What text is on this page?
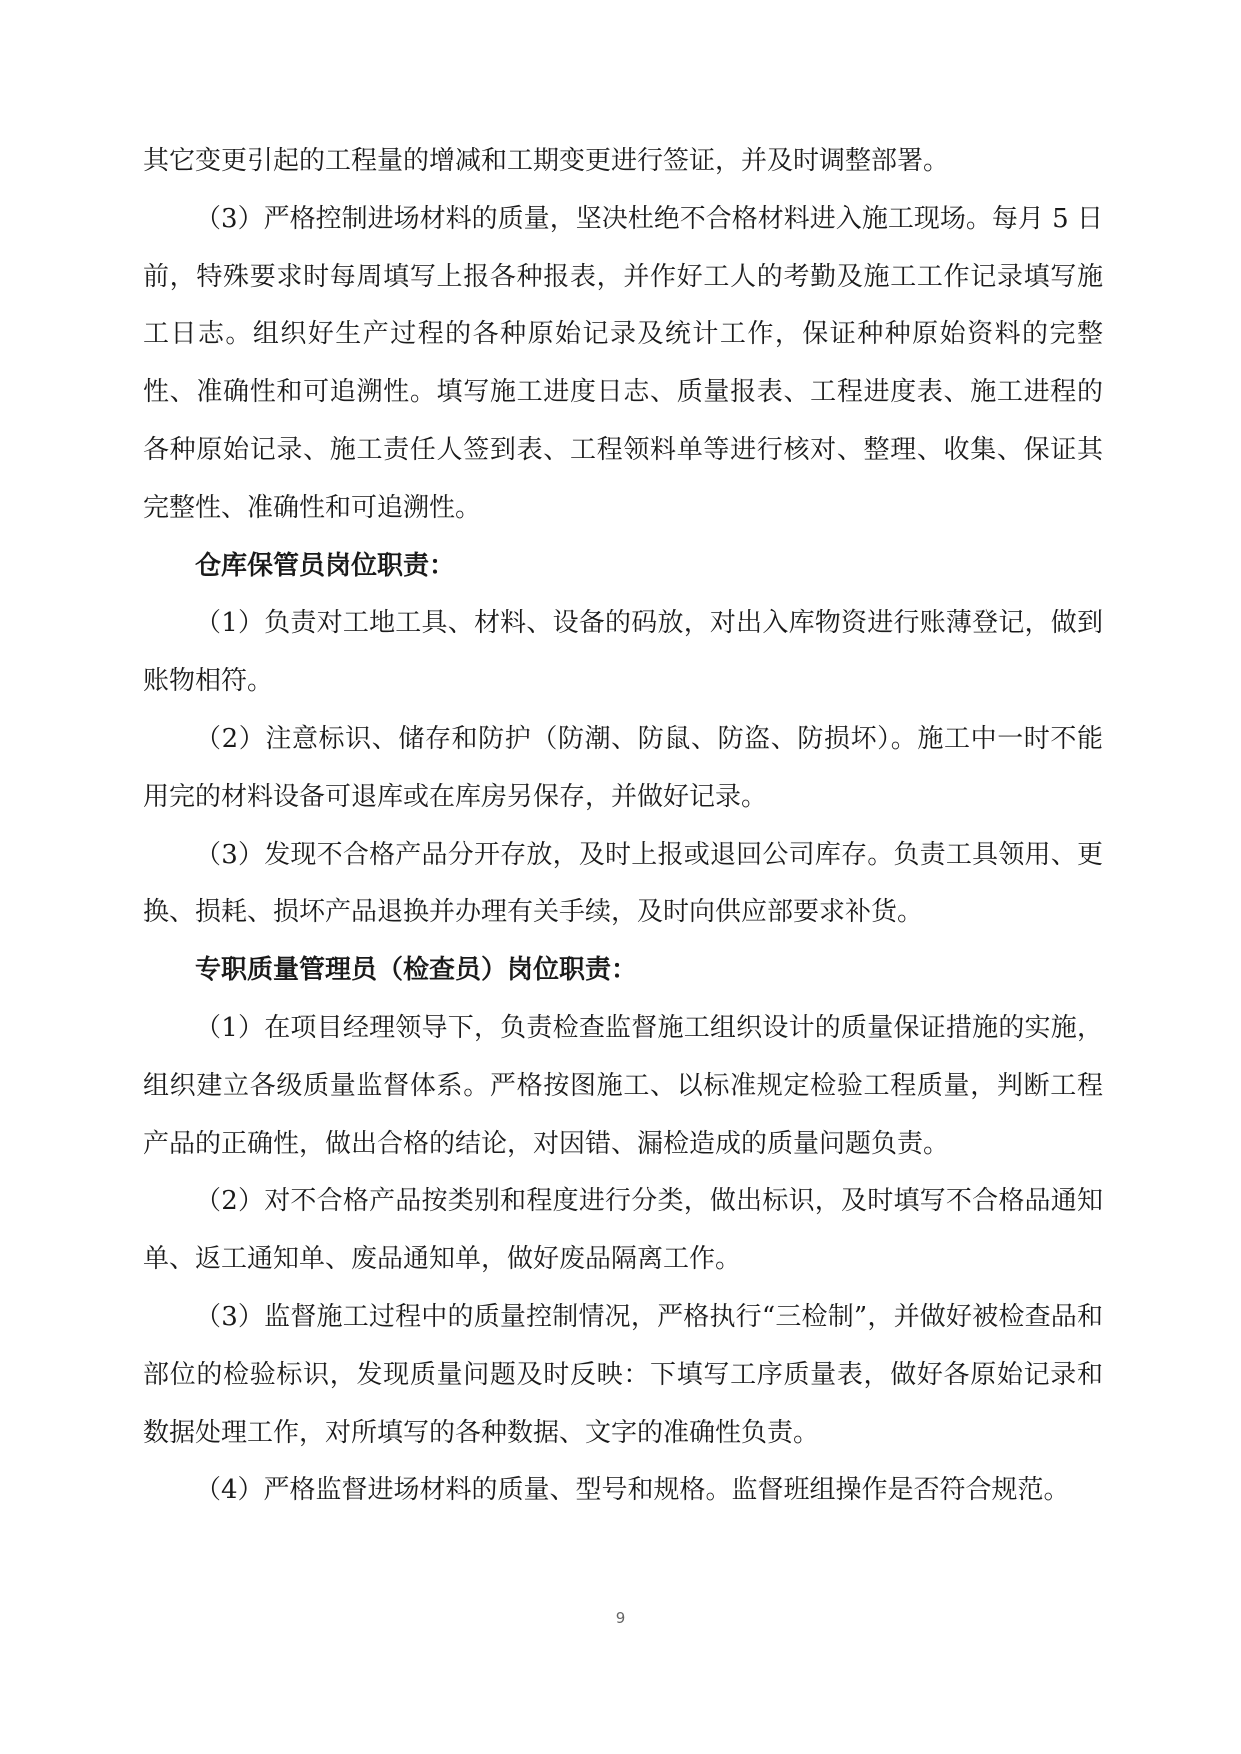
其它变更引起的工程量的增减和工期变更进行签证，并及时调整部署。

（3）严格控制进场材料的质量，坚决杜绝不合格材料进入施工现场。每月 5 日前，特殊要求时每周填写上报各种报表，并作好工人的考勤及施工工作记录填写施工日志。组织好生产过程的各种原始记录及统计工作，保证种种原始资料的完整性、准确性和可追溯性。填写施工进度日志、质量报表、工程进度表、施工进程的各种原始记录、施工责任人签到表、工程领料单等进行核对、整理、收集、保证其完整性、准确性和可追溯性。

仓库保管员岗位职责：

（1）负责对工地工具、材料、设备的码放，对出入库物资进行账薄登记，做到账物相符。

（2）注意标识、储存和防护（防潮、防鼠、防盗、防损坏）。施工中一时不能用完的材料设备可退库或在库房另保存，并做好记录。

（3）发现不合格产品分开存放，及时上报或退回公司库存。负责工具领用、更换、损耗、损坏产品退换并办理有关手续，及时向供应部要求补货。

专职质量管理员（检查员）岗位职责：

（1）在项目经理领导下，负责检查监督施工组织设计的质量保证措施的实施，组织建立各级质量监督体系。严格按图施工、以标准规定检验工程质量，判断工程产品的正确性，做出合格的结论，对因错、漏检造成的质量问题负责。

（2）对不合格产品按类别和程度进行分类，做出标识，及时填写不合格品通知单、返工通知单、废品通知单，做好废品隔离工作。

（3）监督施工过程中的质量控制情况，严格执行“三检制”，并做好被检查品和部位的检验标识，发现质量问题及时反映：下填写工序质量表，做好各原始记录和数据处理工作，对所填写的各种数据、文字的准确性负责。

（4）严格监督进场材料的质量、型号和规格。监督班组操作是否符合规范。

9
